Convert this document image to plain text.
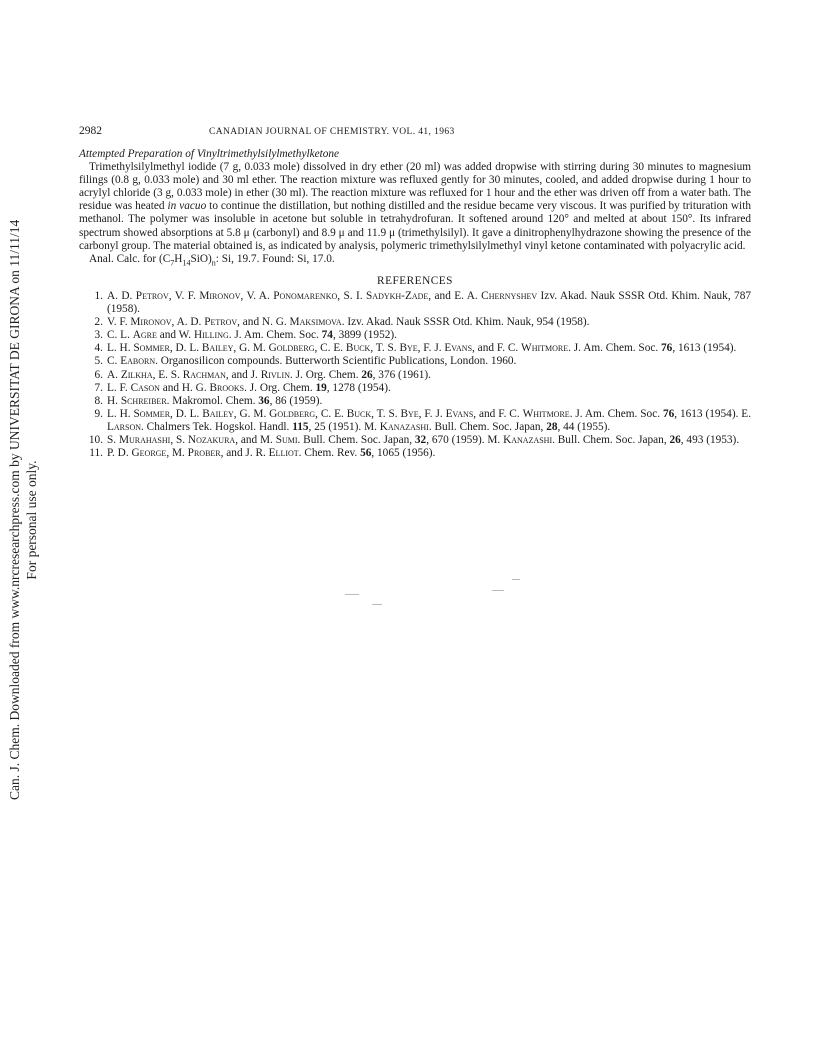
Can. J. Chem. Downloaded from www.nrcresearchpress.com by UNIVERSITAT DE GIRONA on 11/11/14 For personal use only.
2982	CANADIAN JOURNAL OF CHEMISTRY. VOL. 41, 1963
Attempted Preparation of Vinyltrimethylsilylmethylketone

Trimethylsilylmethyl iodide (7 g, 0.033 mole) dissolved in dry ether (20 ml) was added dropwise with stirring during 30 minutes to magnesium filings (0.8 g, 0.033 mole) and 30 ml ether. The reaction mixture was refluxed gently for 30 minutes, cooled, and added dropwise during 1 hour to acrylyl chloride (3 g, 0.033 mole) in ether (30 ml). The reaction mixture was refluxed for 1 hour and the ether was driven off from a water bath. The residue was heated in vacuo to continue the distillation, but nothing distilled and the residue became very viscous. It was purified by trituration with methanol. The polymer was insoluble in acetone but soluble in tetrahydrofuran. It softened around 120° and melted at about 150°. Its infrared spectrum showed absorptions at 5.8 μ (carbonyl) and 8.9 μ and 11.9 μ (trimethylsilyl). It gave a dinitrophenylhydrazone showing the presence of the carbonyl group. The material obtained is, as indicated by analysis, polymeric trimethylsilylmethyl vinyl ketone contaminated with polyacrylic acid.

Anal. Calc. for $(C_7H_{14}SiO)_n$: Si, 19.7. Found: Si, 17.0.

REFERENCES
1. A. D. Petrov, V. F. Mironov, V. A. Ponomarenko, S. I. Sadykh-Zade, and E. A. Chernyshev Izv. Akad. Nauk SSSR Otd. Khim. Nauk, 787 (1958).
2. V. F. Mironov, A. D. Petrov, and N. G. Maksimova. Izv. Akad. Nauk SSSR Otd. Khim. Nauk, 954 (1958).
3. C. L. Agre and W. Hilling. J. Am. Chem. Soc. 74, 3899 (1952).
4. L. H. Sommer, D. L. Bailey, G. M. Goldberg, C. E. Buck, T. S. Bye, F. J. Evans, and F. C. Whitmore. J. Am. Chem. Soc. 76, 1613 (1954).
5. C. Eaborn. Organosilicon compounds. Butterworth Scientific Publications, London. 1960.
6. A. Zilkha, E. S. Rachman, and J. Rivlin. J. Org. Chem. 26, 376 (1961).
7. L. F. Cason and H. G. Brooks. J. Org. Chem. 19, 1278 (1954).
8. H. Schreiber. Makromol. Chem. 36, 86 (1959).
9. L. H. Sommer, D. L. Bailey, G. M. Goldberg, C. E. Buck, T. S. Bye, F. J. Evans, and F. C. Whitmore. J. Am. Chem. Soc. 76, 1613 (1954). E. Larson. Chalmers Tek. Hogskol. Handl. 115, 25 (1951). M. Kanazashi. Bull. Chem. Soc. Japan, 28, 44 (1955).
10. S. Murahashi, S. Nozakura, and M. Sumi. Bull. Chem. Soc. Japan, 32, 670 (1959). M. Kanazashi. Bull. Chem. Soc. Japan, 26, 493 (1953).
11. P. D. George, M. Prober, and J. R. Elliot. Chem. Rev. 56, 1065 (1956).
